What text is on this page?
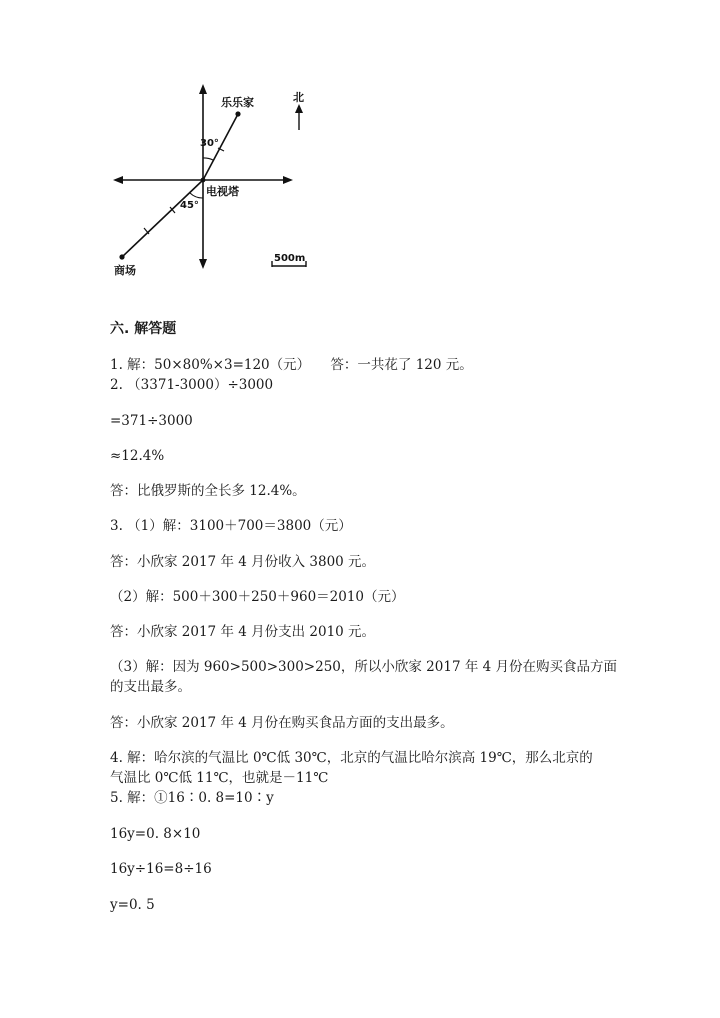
乐乐家	北
30°
电视塔
45°
500m
商场
六. 解答题
1. 解：50×80%×3=120（元）　　答：一共花了 120 元。
2. （3371-3000）÷3000
=371÷3000
≈12.4%
答：比俄罗斯的全长多 12.4%。
3. （1）解：3100＋700＝3800（元）
答：小欣家 2017 年 4 月份收入 3800 元。
（2）解：500＋300＋250＋960＝2010（元）
答：小欣家 2017 年 4 月份支出 2010 元。
（3）解：因为 960>500>300>250，所以小欣家 2017 年 4 月份在购买食品方面
的支出最多。
答：小欣家 2017 年 4 月份在购买食品方面的支出最多。
4. 解：哈尔滨的气温比 0℃低 30℃，北京的气温比哈尔滨高 19℃，那么北京的
气温比 0℃低 11℃，也就是－11℃
5. 解：①16∶0. 8=10∶y
16y=0. 8×10
16y÷16=8÷16
y=0. 5
